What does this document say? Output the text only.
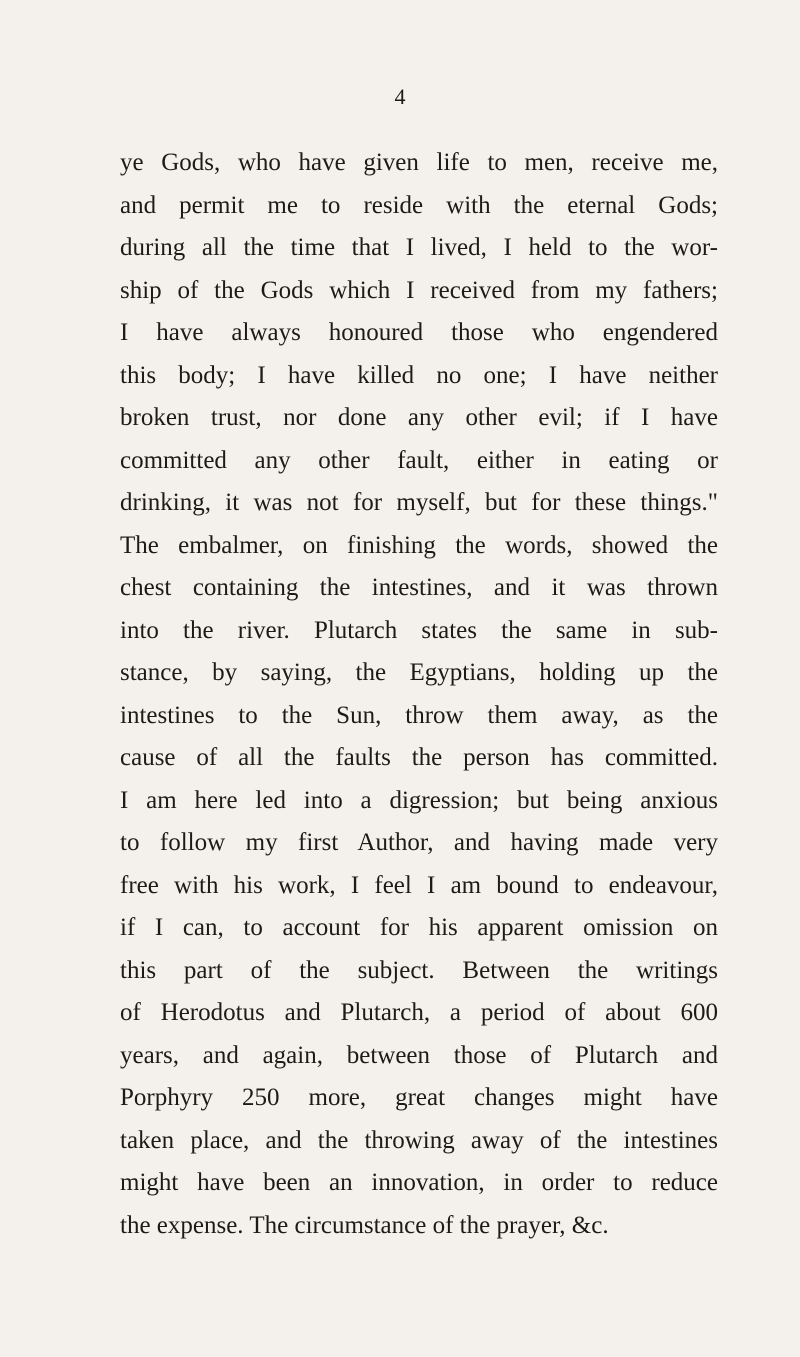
4
ye Gods, who have given life to men, receive me,
and permit me to reside with the eternal Gods;
during all the time that I lived, I held to the wor-
ship of the Gods which I received from my fathers;
I have always honoured those who engendered
this body; I have killed no one; I have neither
broken trust, nor done any other evil; if I have
committed any other fault, either in eating or
drinking, it was not for myself, but for these things."
The embalmer, on finishing the words, showed the
chest containing the intestines, and it was thrown
into the river. Plutarch states the same in sub-
stance, by saying, the Egyptians, holding up the
intestines to the Sun, throw them away, as the
cause of all the faults the person has committed.
I am here led into a digression; but being anxious
to follow my first Author, and having made very
free with his work, I feel I am bound to endeavour,
if I can, to account for his apparent omission on
this part of the subject. Between the writings
of Herodotus and Plutarch, a period of about 600
years, and again, between those of Plutarch and
Porphyry 250 more, great changes might have
taken place, and the throwing away of the intestines
might have been an innovation, in order to reduce
the expense. The circumstance of the prayer, &c.
